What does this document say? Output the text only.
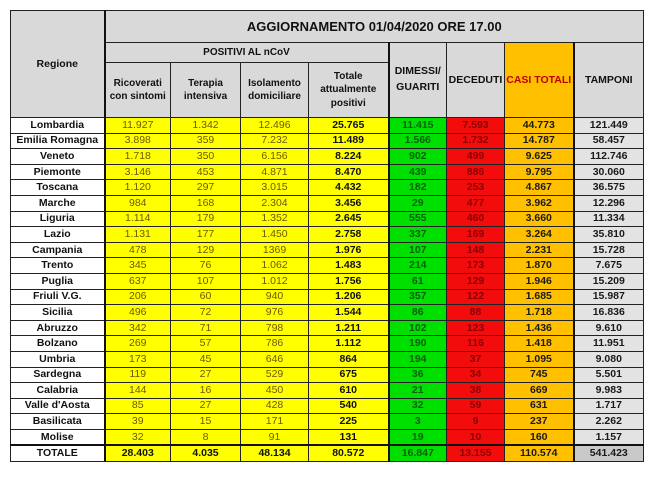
Regione	AGGIORNAMENTO 01/04/2020 ORE 17.00							
	POSITIVI AL nCoV				DIMESSI/ GUARITI	DECEDUTI	CASI TOTALI	TAMPONI
	Ricoverati con sintomi	Terapia intensiva	Isolamento domiciliare	Totale attualmente positivi				
Lombardia	11.927	1.342	12.496	25.765	11.415	7.593	44.773	121.449
Emilia Romagna	3.898	359	7.232	11.489	1.566	1.732	14.787	58.457
Veneto	1.718	350	6.156	8.224	902	499	9.625	112.746
Piemonte	3.146	453	4.871	8.470	439	886	9.795	30.060
Toscana	1.120	297	3.015	4.432	182	253	4.867	36.575
Marche	984	168	2.304	3.456	29	477	3.962	12.296
Liguria	1.114	179	1.352	2.645	555	460	3.660	11.334
Lazio	1.131	177	1.450	2.758	337	169	3.264	35.810
Campania	478	129	1369	1.976	107	148	2.231	15.728
Trento	345	76	1.062	1.483	214	173	1.870	7.675
Puglia	637	107	1.012	1.756	61	129	1.946	15.209
Friuli V.G.	206	60	940	1.206	357	122	1.685	15.987
Sicilia	496	72	976	1.544	86	88	1.718	16.836
Abruzzo	342	71	798	1.211	102	123	1.436	9.610
Bolzano	269	57	786	1.112	190	116	1.418	11.951
Umbria	173	45	646	864	194	37	1.095	9.080
Sardegna	119	27	529	675	36	34	745	5.501
Calabria	144	16	450	610	21	38	669	9.983
Valle d'Aosta	85	27	428	540	32	59	631	1.717
Basilicata	39	15	171	225	3	9	237	2.262
Molise	32	8	91	131	19	10	160	1.157
TOTALE	28.403	4.035	48.134	80.572	16.847	13.155	110.574	541.423
